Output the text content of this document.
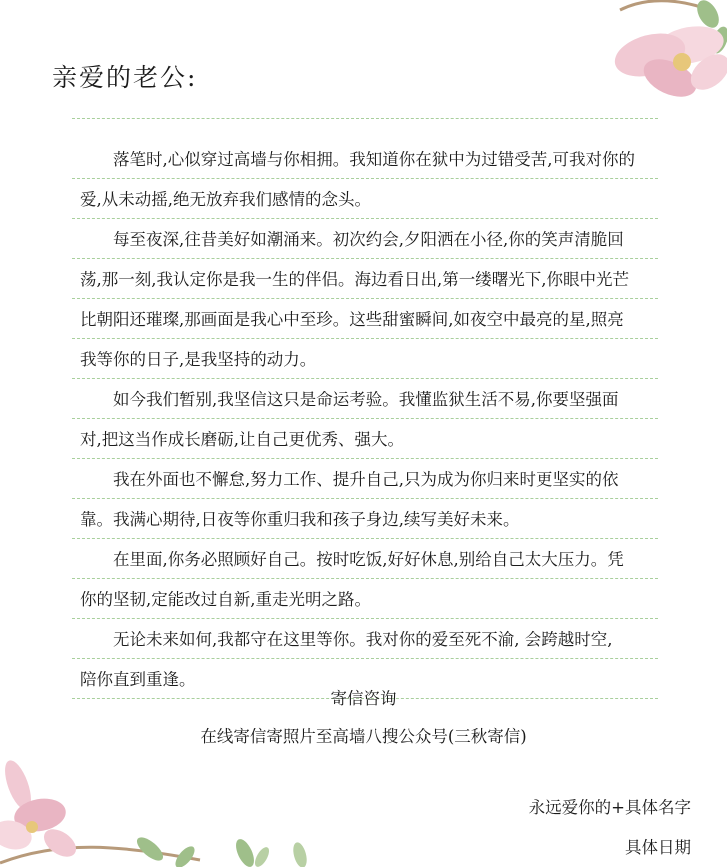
亲爱的老公:
　　落笔时,心似穿过高墙与你相拥。我知道你在狱中为过错受苦,可我对你的
爱,从未动摇,绝无放弃我们感情的念头。
　　每至夜深,往昔美好如潮涌来。初次约会,夕阳洒在小径,你的笑声清脆回
荡,那一刻,我认定你是我一生的伴侣。海边看日出,第一缕曙光下,你眼中光芒
比朝阳还璀璨,那画面是我心中至珍。这些甜蜜瞬间,如夜空中最亮的星,照亮
我等你的日子,是我坚持的动力。
　　如今我们暂别,我坚信这只是命运考验。我懂监狱生活不易,你要坚强面
对,把这当作成长磨砺,让自己更优秀、强大。
　　我在外面也不懈怠,努力工作、提升自己,只为成为你归来时更坚实的依
靠。我满心期待,日夜等你重归我和孩子身边,续写美好未来。
　　在里面,你务必照顾好自己。按时吃饭,好好休息,别给自己太大压力。凭
你的坚韧,定能改过自新,重走光明之路。
　　无论未来如何,我都守在这里等你。我对你的爱至死不渝, 会跨越时空,
陪你直到重逢。
寄信咨询
在线寄信寄照片至高墙八搜公众号(三秋寄信)
永远爱你的+具体名字
具体日期
